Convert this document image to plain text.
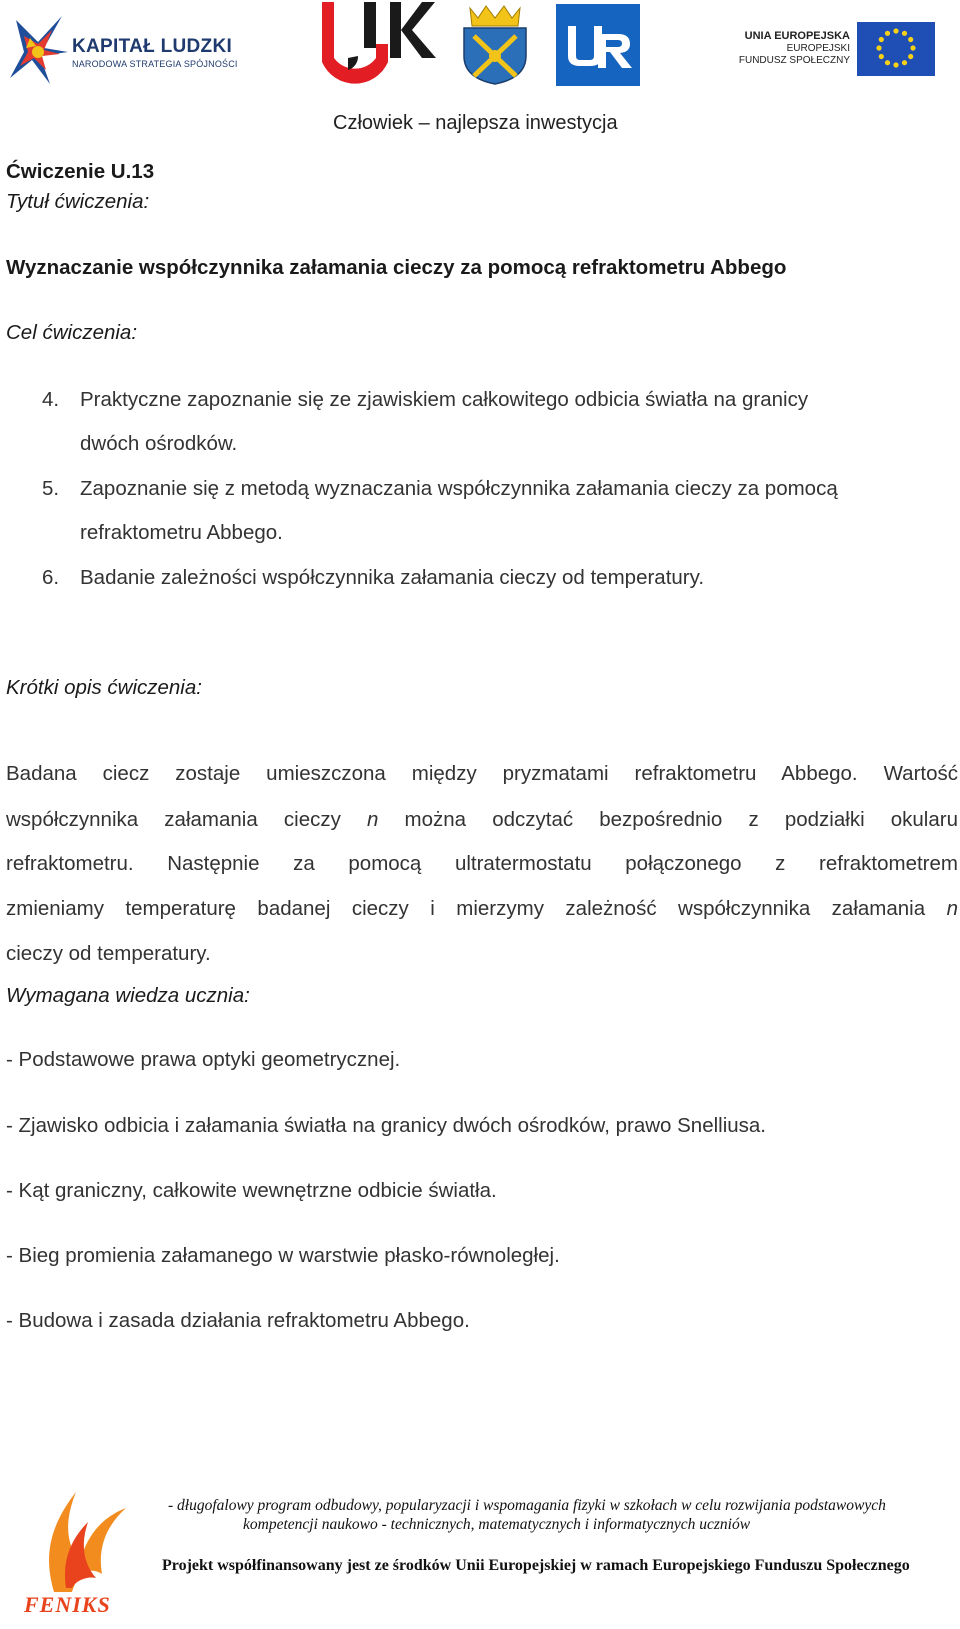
KAPITAŁ LUDZKI
NARODOWA STRATEGIA SPÓJNOŚCI
UNIA EUROPEJSKA
EUROPEJSKI
FUNDUSZ SPOŁECZNY
Człowiek – najlepsza inwestycja
Ćwiczenie U.13
Tytuł ćwiczenia:
Wyznaczanie współczynnika załamania cieczy za pomocą refraktometru Abbego
Cel ćwiczenia:
4. Praktyczne zapoznanie się ze zjawiskiem całkowitego odbicia światła na granicy
dwóch ośrodków.
5. Zapoznanie się z metodą wyznaczania współczynnika załamania cieczy za pomocą
refraktometru Abbego.
6. Badanie zależności współczynnika załamania cieczy od temperatury.
Krótki opis ćwiczenia:
Badana ciecz zostaje umieszczona między pryzmatami refraktometru Abbego. Wartość
współczynnika załamania cieczy n można odczytać bezpośrednio z podziałki okularu
refraktometru. Następnie za pomocą ultratermostatu połączonego z refraktometrem
zmieniamy temperaturę badanej cieczy i mierzymy zależność współczynnika załamania n
cieczy od temperatury.
Wymagana wiedza ucznia:
- Podstawowe prawa optyki geometrycznej.
- Zjawisko odbicia i załamania światła na granicy dwóch ośrodków, prawo Snelliusa.
- Kąt graniczny, całkowite wewnętrzne odbicie światła.
- Bieg promienia załamanego w warstwie płasko-równoległej.
- Budowa i zasada działania refraktometru Abbego.
FENIKS
- długofalowy program odbudowy, popularyzacji i wspomagania fizyki w szkołach w celu rozwijania podstawowych
kompetencji naukowo - technicznych, matematycznych i informatycznych uczniów
Projekt współfinansowany jest ze środków Unii Europejskiej w ramach Europejskiego Funduszu Społecznego
